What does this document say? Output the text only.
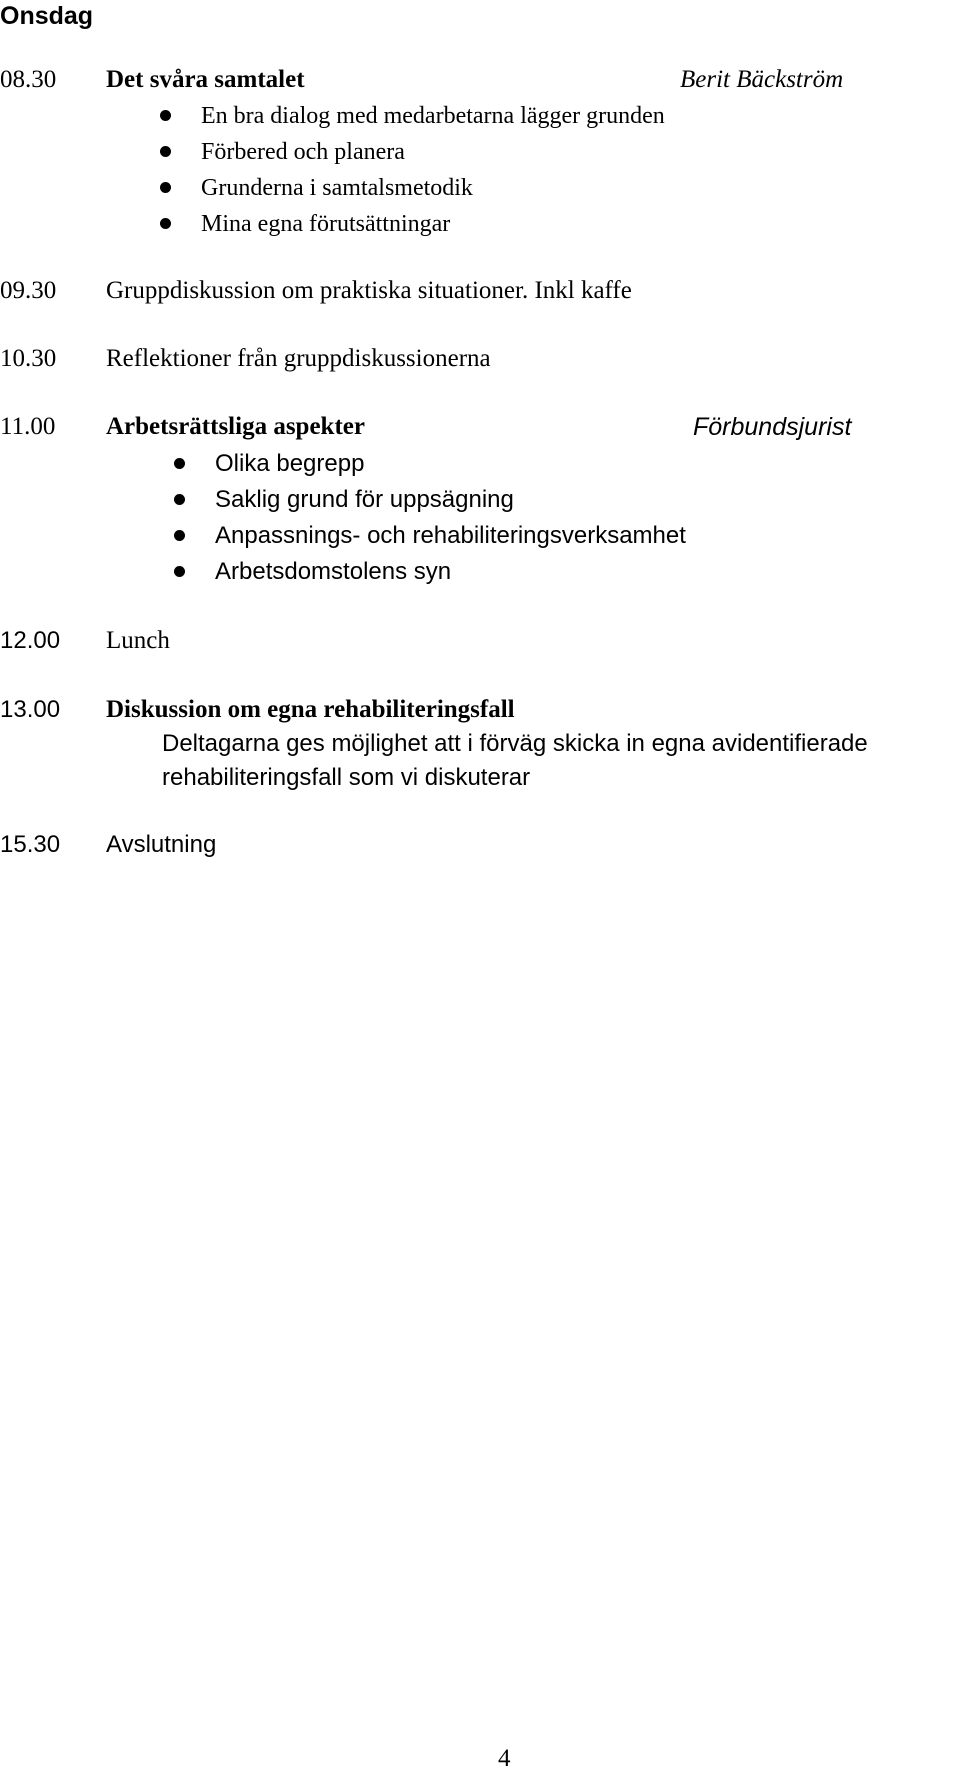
Onsdag
08.30 Det svåra samtalet	Berit Bäckström
En bra dialog med medarbetarna lägger grunden
Förbered och planera
Grunderna i samtalsmetodik
Mina egna förutsättningar
09.30 Gruppdiskussion om praktiska situationer. Inkl kaffe
10.30 Reflektioner från gruppdiskussionerna
11.00 Arbetsrättsliga aspekter	Förbundsjurist
Olika begrepp
Saklig grund för uppsägning
Anpassnings- och rehabiliteringsverksamhet
Arbetsdomstolens syn
12.00 Lunch
13.00 Diskussion om egna rehabiliteringsfall
Deltagarna ges möjlighet att i förväg skicka in egna avidentifierade
rehabiliteringsfall som vi diskuterar
15.30 Avslutning
4
